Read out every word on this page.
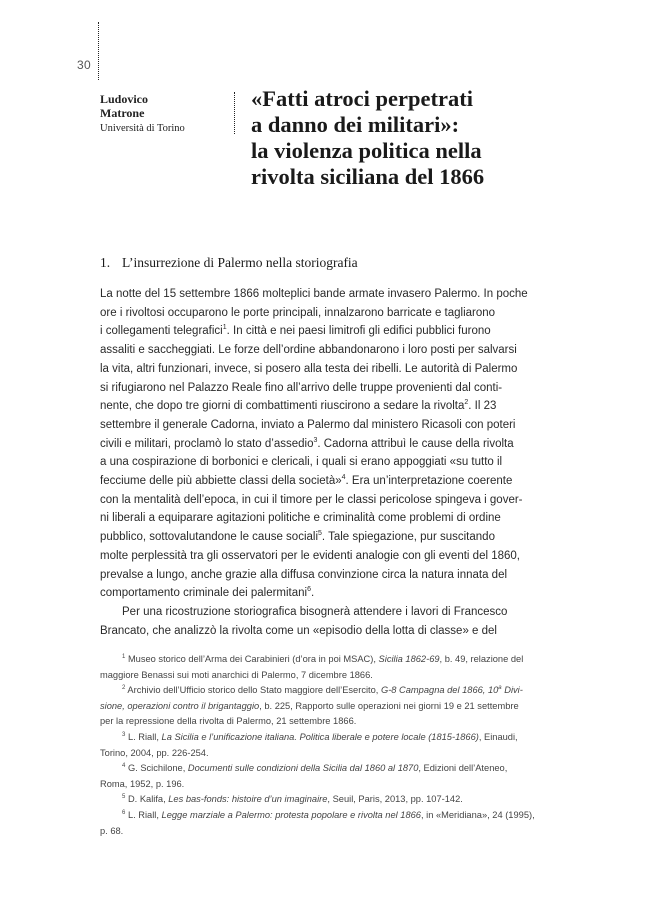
30
Ludovico
Matrone
Università di Torino
«Fatti atroci perpetrati
a danno dei militari»:
la violenza politica nella
rivolta siciliana del 1866
1. L’insurrezione di Palermo nella storiografia

La notte del 15 settembre 1866 molteplici bande armate invasero Palermo. In poche
ore i rivoltosi occuparono le porte principali, innalzarono barricate e tagliarono
i collegamenti telegrafici$^1$. In città e nei paesi limitrofi gli edifici pubblici furono
assaliti e saccheggiati. Le forze dell’ordine abbandonarono i loro posti per salvarsi
la vita, altri funzionari, invece, si posero alla testa dei ribelli. Le autorità di Palermo
si rifugiarono nel Palazzo Reale fino all’arrivo delle truppe provenienti dal conti-
nente, che dopo tre giorni di combattimenti riuscirono a sedare la rivolta$^2$. Il 23
settembre il generale Cadorna, inviato a Palermo dal ministero Ricasoli con poteri
civili e militari, proclamò lo stato d’assedio$^3$. Cadorna attribuì le cause della rivolta
a una cospirazione di borbonici e clericali, i quali si erano appoggiati «su tutto il
fecciume delle più abbiette classi della società»$^4$. Era un’interpretazione coerente
con la mentalità dell’epoca, in cui il timore per le classi pericolose spingeva i gover-
ni liberali a equiparare agitazioni politiche e criminalità come problemi di ordine
pubblico, sottovalutandone le cause sociali$^5$. Tale spiegazione, pur suscitando
molte perplessità tra gli osservatori per le evidenti analogie con gli eventi del 1860,
prevalse a lungo, anche grazie alla diffusa convinzione circa la natura innata del
comportamento criminale dei palermitani$^6$.

Per una ricostruzione storiografica bisognerà attendere i lavori di Francesco
Brancato, che analizzò la rivolta come un «episodio della lotta di classe» e del

$^1$ Museo storico dell’Arma dei Carabinieri (d’ora in poi MSAC), Sicilia 1862-69, b. 49, relazione del
maggiore Benassi sui moti anarchici di Palermo, 7 dicembre 1866.
$^2$ Archivio dell’Ufficio storico dello Stato maggiore dell’Esercito, G-8 Campagna del 1866, 10$^a$ Divi-
sione, operazioni contro il brigantaggio, b. 225, Rapporto sulle operazioni nei giorni 19 e 21 settembre
per la repressione della rivolta di Palermo, 21 settembre 1866.
$^3$ L. Riall, La Sicilia e l’unificazione italiana. Politica liberale e potere locale (1815-1866), Einaudi,
Torino, 2004, pp. 226-254.
$^4$ G. Scichilone, Documenti sulle condizioni della Sicilia dal 1860 al 1870, Edizioni dell’Ateneo,
Roma, 1952, p. 196.
$^5$ D. Kalifa, Les bas-fonds: histoire d’un imaginaire, Seuil, Paris, 2013, pp. 107-142.
$^6$ L. Riall, Legge marziale a Palermo: protesta popolare e rivolta nel 1866, in «Meridiana», 24 (1995),
p. 68.
